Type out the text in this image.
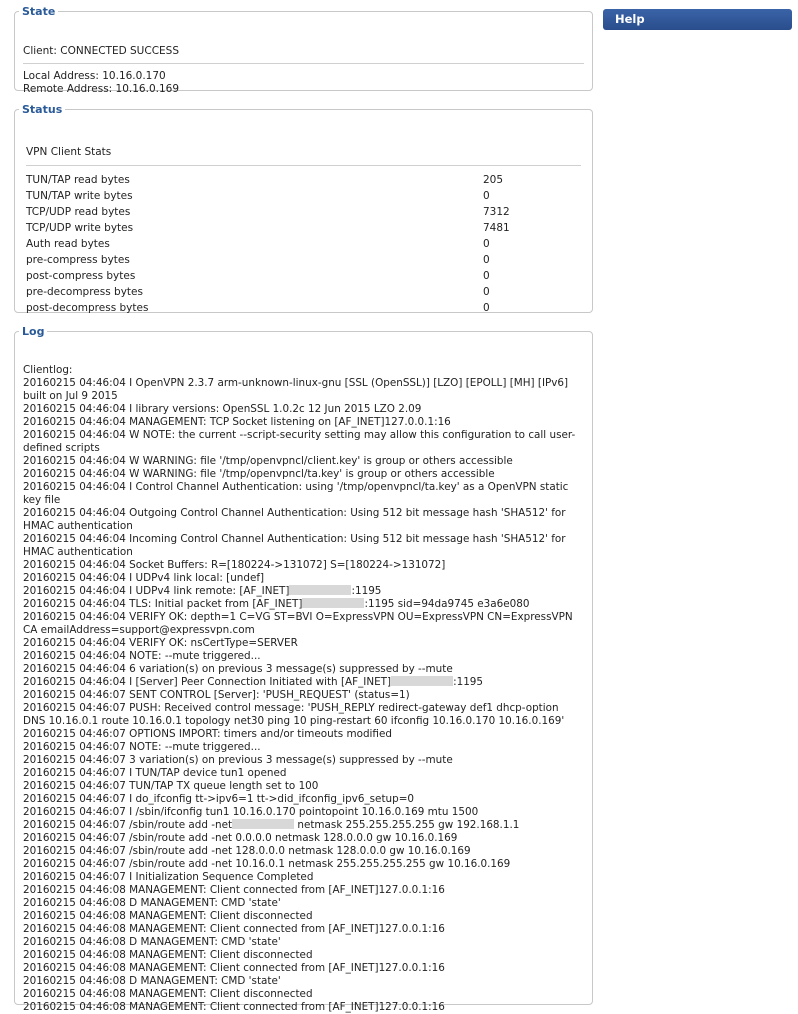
State
Client: CONNECTED SUCCESS
Local Address: 10.16.0.170
Remote Address: 10.16.0.169
Status
VPN Client Stats
TUN/TAP read bytes	205
TUN/TAP write bytes	0
TCP/UDP read bytes	7312
TCP/UDP write bytes	7481
Auth read bytes	0
pre-compress bytes	0
post-compress bytes	0
pre-decompress bytes	0
post-decompress bytes	0
Log
Clientlog:
20160215 04:46:04 I OpenVPN 2.3.7 arm-unknown-linux-gnu [SSL (OpenSSL)] [LZO] [EPOLL] [MH] [IPv6] built on Jul 9 2015
20160215 04:46:04 I library versions: OpenSSL 1.0.2c 12 Jun 2015 LZO 2.09
20160215 04:46:04 MANAGEMENT: TCP Socket listening on [AF_INET]127.0.0.1:16
20160215 04:46:04 W NOTE: the current --script-security setting may allow this configuration to call user-defined scripts
20160215 04:46:04 W WARNING: file '/tmp/openvpncl/client.key' is group or others accessible
20160215 04:46:04 W WARNING: file '/tmp/openvpncl/ta.key' is group or others accessible
20160215 04:46:04 I Control Channel Authentication: using '/tmp/openvpncl/ta.key' as a OpenVPN static key file
20160215 04:46:04 Outgoing Control Channel Authentication: Using 512 bit message hash 'SHA512' for HMAC authentication
20160215 04:46:04 Incoming Control Channel Authentication: Using 512 bit message hash 'SHA512' for HMAC authentication
20160215 04:46:04 Socket Buffers: R=[180224->131072] S=[180224->131072]
20160215 04:46:04 I UDPv4 link local: [undef]
20160215 04:46:04 I UDPv4 link remote: [AF_INET]	:1195
20160215 04:46:04 TLS: Initial packet from [AF_INET]	:1195 sid=94da9745 e3a6e080
20160215 04:46:04 VERIFY OK: depth=1 C=VG ST=BVI O=ExpressVPN OU=ExpressVPN CN=ExpressVPN CA emailAddress=support@expressvpn.com
20160215 04:46:04 VERIFY OK: nsCertType=SERVER
20160215 04:46:04 NOTE: --mute triggered...
20160215 04:46:04 6 variation(s) on previous 3 message(s) suppressed by --mute
20160215 04:46:04 I [Server] Peer Connection Initiated with [AF_INET]	:1195
20160215 04:46:07 SENT CONTROL [Server]: 'PUSH_REQUEST' (status=1)
20160215 04:46:07 PUSH: Received control message: 'PUSH_REPLY redirect-gateway def1 dhcp-option DNS 10.16.0.1 route 10.16.0.1 topology net30 ping 10 ping-restart 60 ifconfig 10.16.0.170 10.16.0.169'
20160215 04:46:07 OPTIONS IMPORT: timers and/or timeouts modified
20160215 04:46:07 NOTE: --mute triggered...
20160215 04:46:07 3 variation(s) on previous 3 message(s) suppressed by --mute
20160215 04:46:07 I TUN/TAP device tun1 opened
20160215 04:46:07 TUN/TAP TX queue length set to 100
20160215 04:46:07 I do_ifconfig tt->ipv6=1 tt->did_ifconfig_ipv6_setup=0
20160215 04:46:07 I /sbin/ifconfig tun1 10.16.0.170 pointopoint 10.16.0.169 mtu 1500
20160215 04:46:07 /sbin/route add -net	netmask 255.255.255.255 gw 192.168.1.1
20160215 04:46:07 /sbin/route add -net 0.0.0.0 netmask 128.0.0.0 gw 10.16.0.169
20160215 04:46:07 /sbin/route add -net 128.0.0.0 netmask 128.0.0.0 gw 10.16.0.169
20160215 04:46:07 /sbin/route add -net 10.16.0.1 netmask 255.255.255.255 gw 10.16.0.169
20160215 04:46:07 I Initialization Sequence Completed
20160215 04:46:08 MANAGEMENT: Client connected from [AF_INET]127.0.0.1:16
20160215 04:46:08 D MANAGEMENT: CMD 'state'
20160215 04:46:08 MANAGEMENT: Client disconnected
20160215 04:46:08 MANAGEMENT: Client connected from [AF_INET]127.0.0.1:16
20160215 04:46:08 D MANAGEMENT: CMD 'state'
20160215 04:46:08 MANAGEMENT: Client disconnected
20160215 04:46:08 MANAGEMENT: Client connected from [AF_INET]127.0.0.1:16
20160215 04:46:08 D MANAGEMENT: CMD 'state'
20160215 04:46:08 MANAGEMENT: Client disconnected
20160215 04:46:08 MANAGEMENT: Client connected from [AF_INET]127.0.0.1:16
Help
